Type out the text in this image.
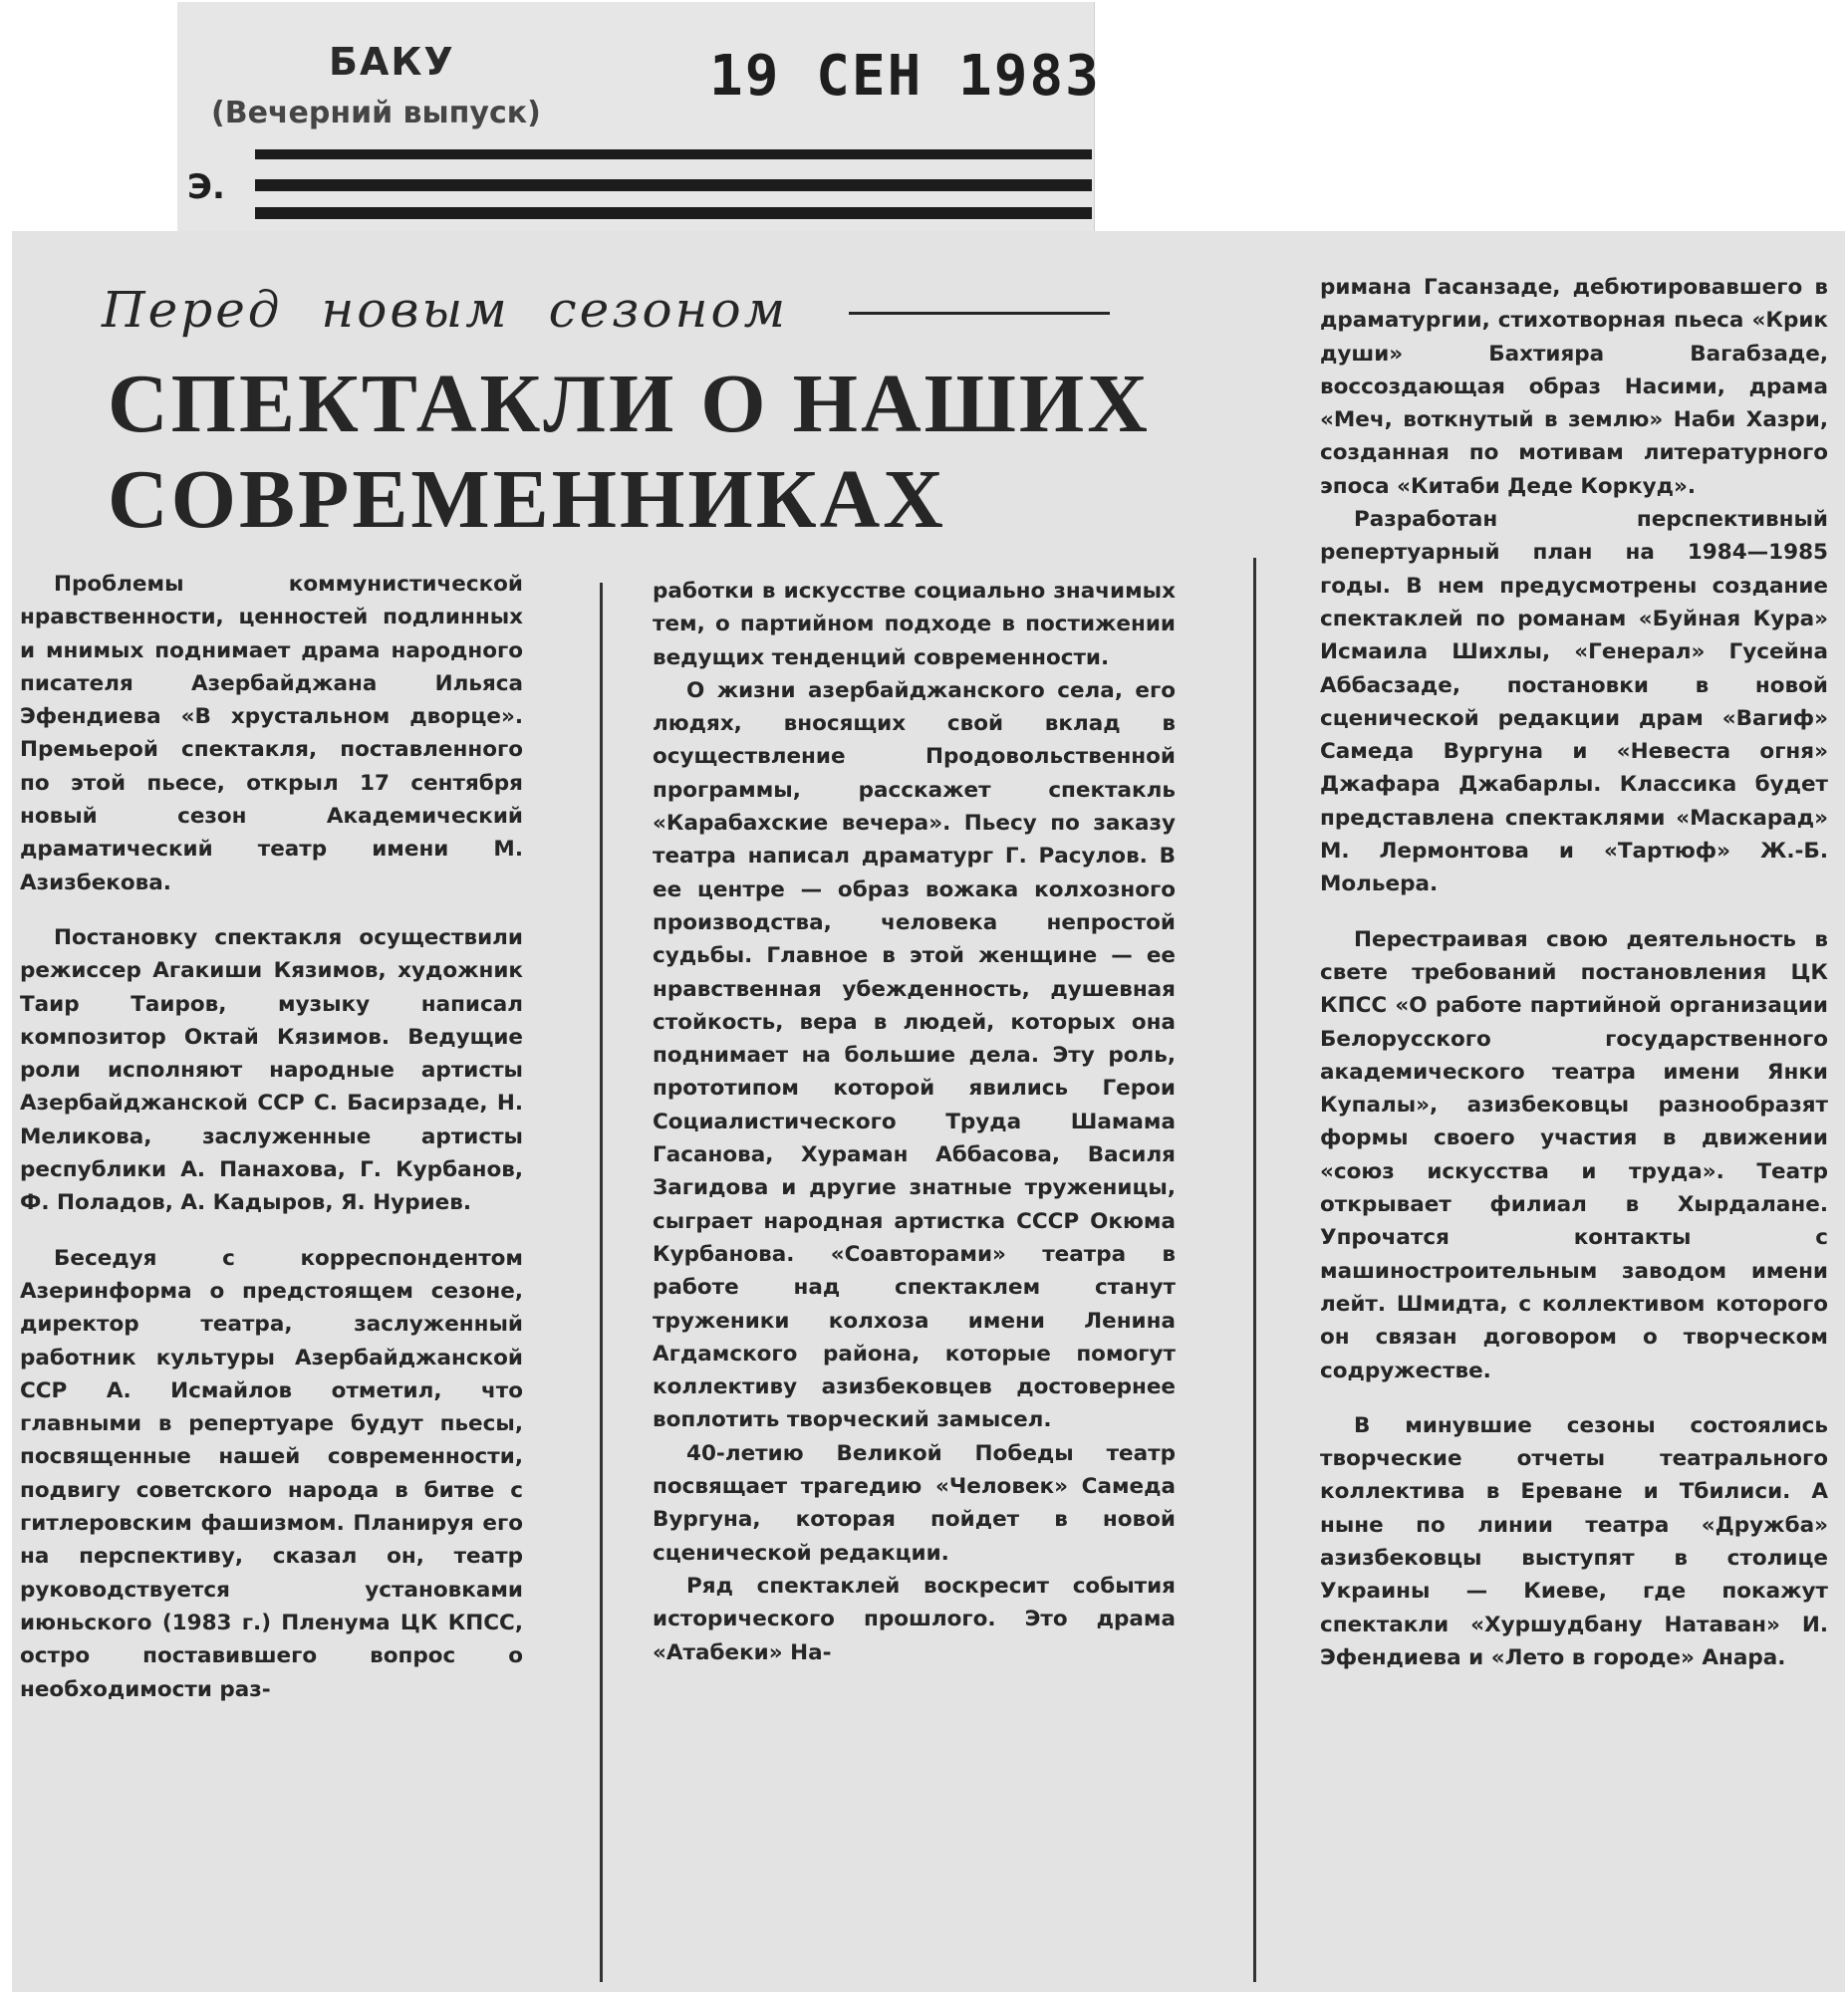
БАКУ
(Вечерний выпуск)
19 СЕН 1983
Э.
Перед новым сезоном
СПЕКТАКЛИ О НАШИХ
СОВРЕМЕННИКАХ

Проблемы коммунистической нравственности, ценностей подлинных и мнимых поднимает драма народного писателя Азербайджана Ильяса Эфендиева «В хрустальном дворце». Премьерой спектакля, поставленного по этой пьесе, открыл 17 сентября новый сезон Академический драматический театр имени М. Азизбекова.

Постановку спектакля осуществили режиссер Агакиши Кязимов, художник Таир Таиров, музыку написал композитор Октай Кязимов. Ведущие роли исполняют народные артисты Азербайджанской ССР С. Басирзаде, Н. Меликова, заслуженные артисты республики А. Панахова, Г. Курбанов, Ф. Поладов, А. Кадыров, Я. Нуриев.

Беседуя с корреспондентом Азеринформа о предстоящем сезоне, директор театра, заслуженный работник культуры Азербайджанской ССР А. Исмайлов отметил, что главными в репертуаре будут пьесы, посвященные нашей современности, подвигу советского народа в битве с гитлеровским фашизмом. Планируя его на перспективу, сказал он, театр руководствуется установками июньского (1983 г.) Пленума ЦК КПСС, остро поставившего вопрос о необходимости раз-

работки в искусстве социально значимых тем, о партийном подходе в постижении ведущих тенденций современности.

О жизни азербайджанского села, его людях, вносящих свой вклад в осуществление Продовольственной программы, расскажет спектакль «Карабахские вечера». Пьесу по заказу театра написал драматург Г. Расулов. В ее центре — образ вожака колхозного производства, человека непростой судьбы. Главное в этой женщине — ее нравственная убежденность, душевная стойкость, вера в людей, которых она поднимает на большие дела. Эту роль, прототипом которой явились Герои Социалистического Труда Шамама Гасанова, Хураман Аббасова, Василя Загидова и другие знатные труженицы, сыграет народная артистка СССР Окюма Курбанова. «Соавторами» театра в работе над спектаклем станут труженики колхоза имени Ленина Агдамского района, которые помогут коллективу азизбековцев достовернее воплотить творческий замысел.

40-летию Великой Победы театр посвящает трагедию «Человек» Самеда Вургуна, которая пойдет в новой сценической редакции.

Ряд спектаклей воскресит события исторического прошлого. Это драма «Атабеки» На-

римана Гасанзаде, дебютировавшего в драматургии, стихотворная пьеса «Крик души» Бахтияра Вагабзаде, воссоздающая образ Насими, драма «Меч, воткнутый в землю» Наби Хазри, созданная по мотивам литературного эпоса «Китаби Деде Коркуд».

Разработан перспективный репертуарный план на 1984—1985 годы. В нем предусмотрены создание спектаклей по романам «Буйная Кура» Исмаила Шихлы, «Генерал» Гусейна Аббасзаде, постановки в новой сценической редакции драм «Вагиф» Самеда Вургуна и «Невеста огня» Джафара Джабарлы. Классика будет представлена спектаклями «Маскарад» М. Лермонтова и «Тартюф» Ж.-Б. Мольера.

Перестраивая свою деятельность в свете требований постановления ЦК КПСС «О работе партийной организации Белорусского государственного академического театра имени Янки Купалы», азизбековцы разнообразят формы своего участия в движении «союз искусства и труда». Театр открывает филиал в Хырдалане. Упрочатся контакты с машиностроительным заводом имени лейт. Шмидта, с коллективом которого он связан договором о творческом содружестве.

В минувшие сезоны состоялись творческие отчеты театрального коллектива в Ереване и Тбилиси. А ныне по линии театра «Дружба» азизбековцы выступят в столице Украины — Киеве, где покажут спектакли «Хуршудбану Натаван» И. Эфендиева и «Лето в городе» Анара.
